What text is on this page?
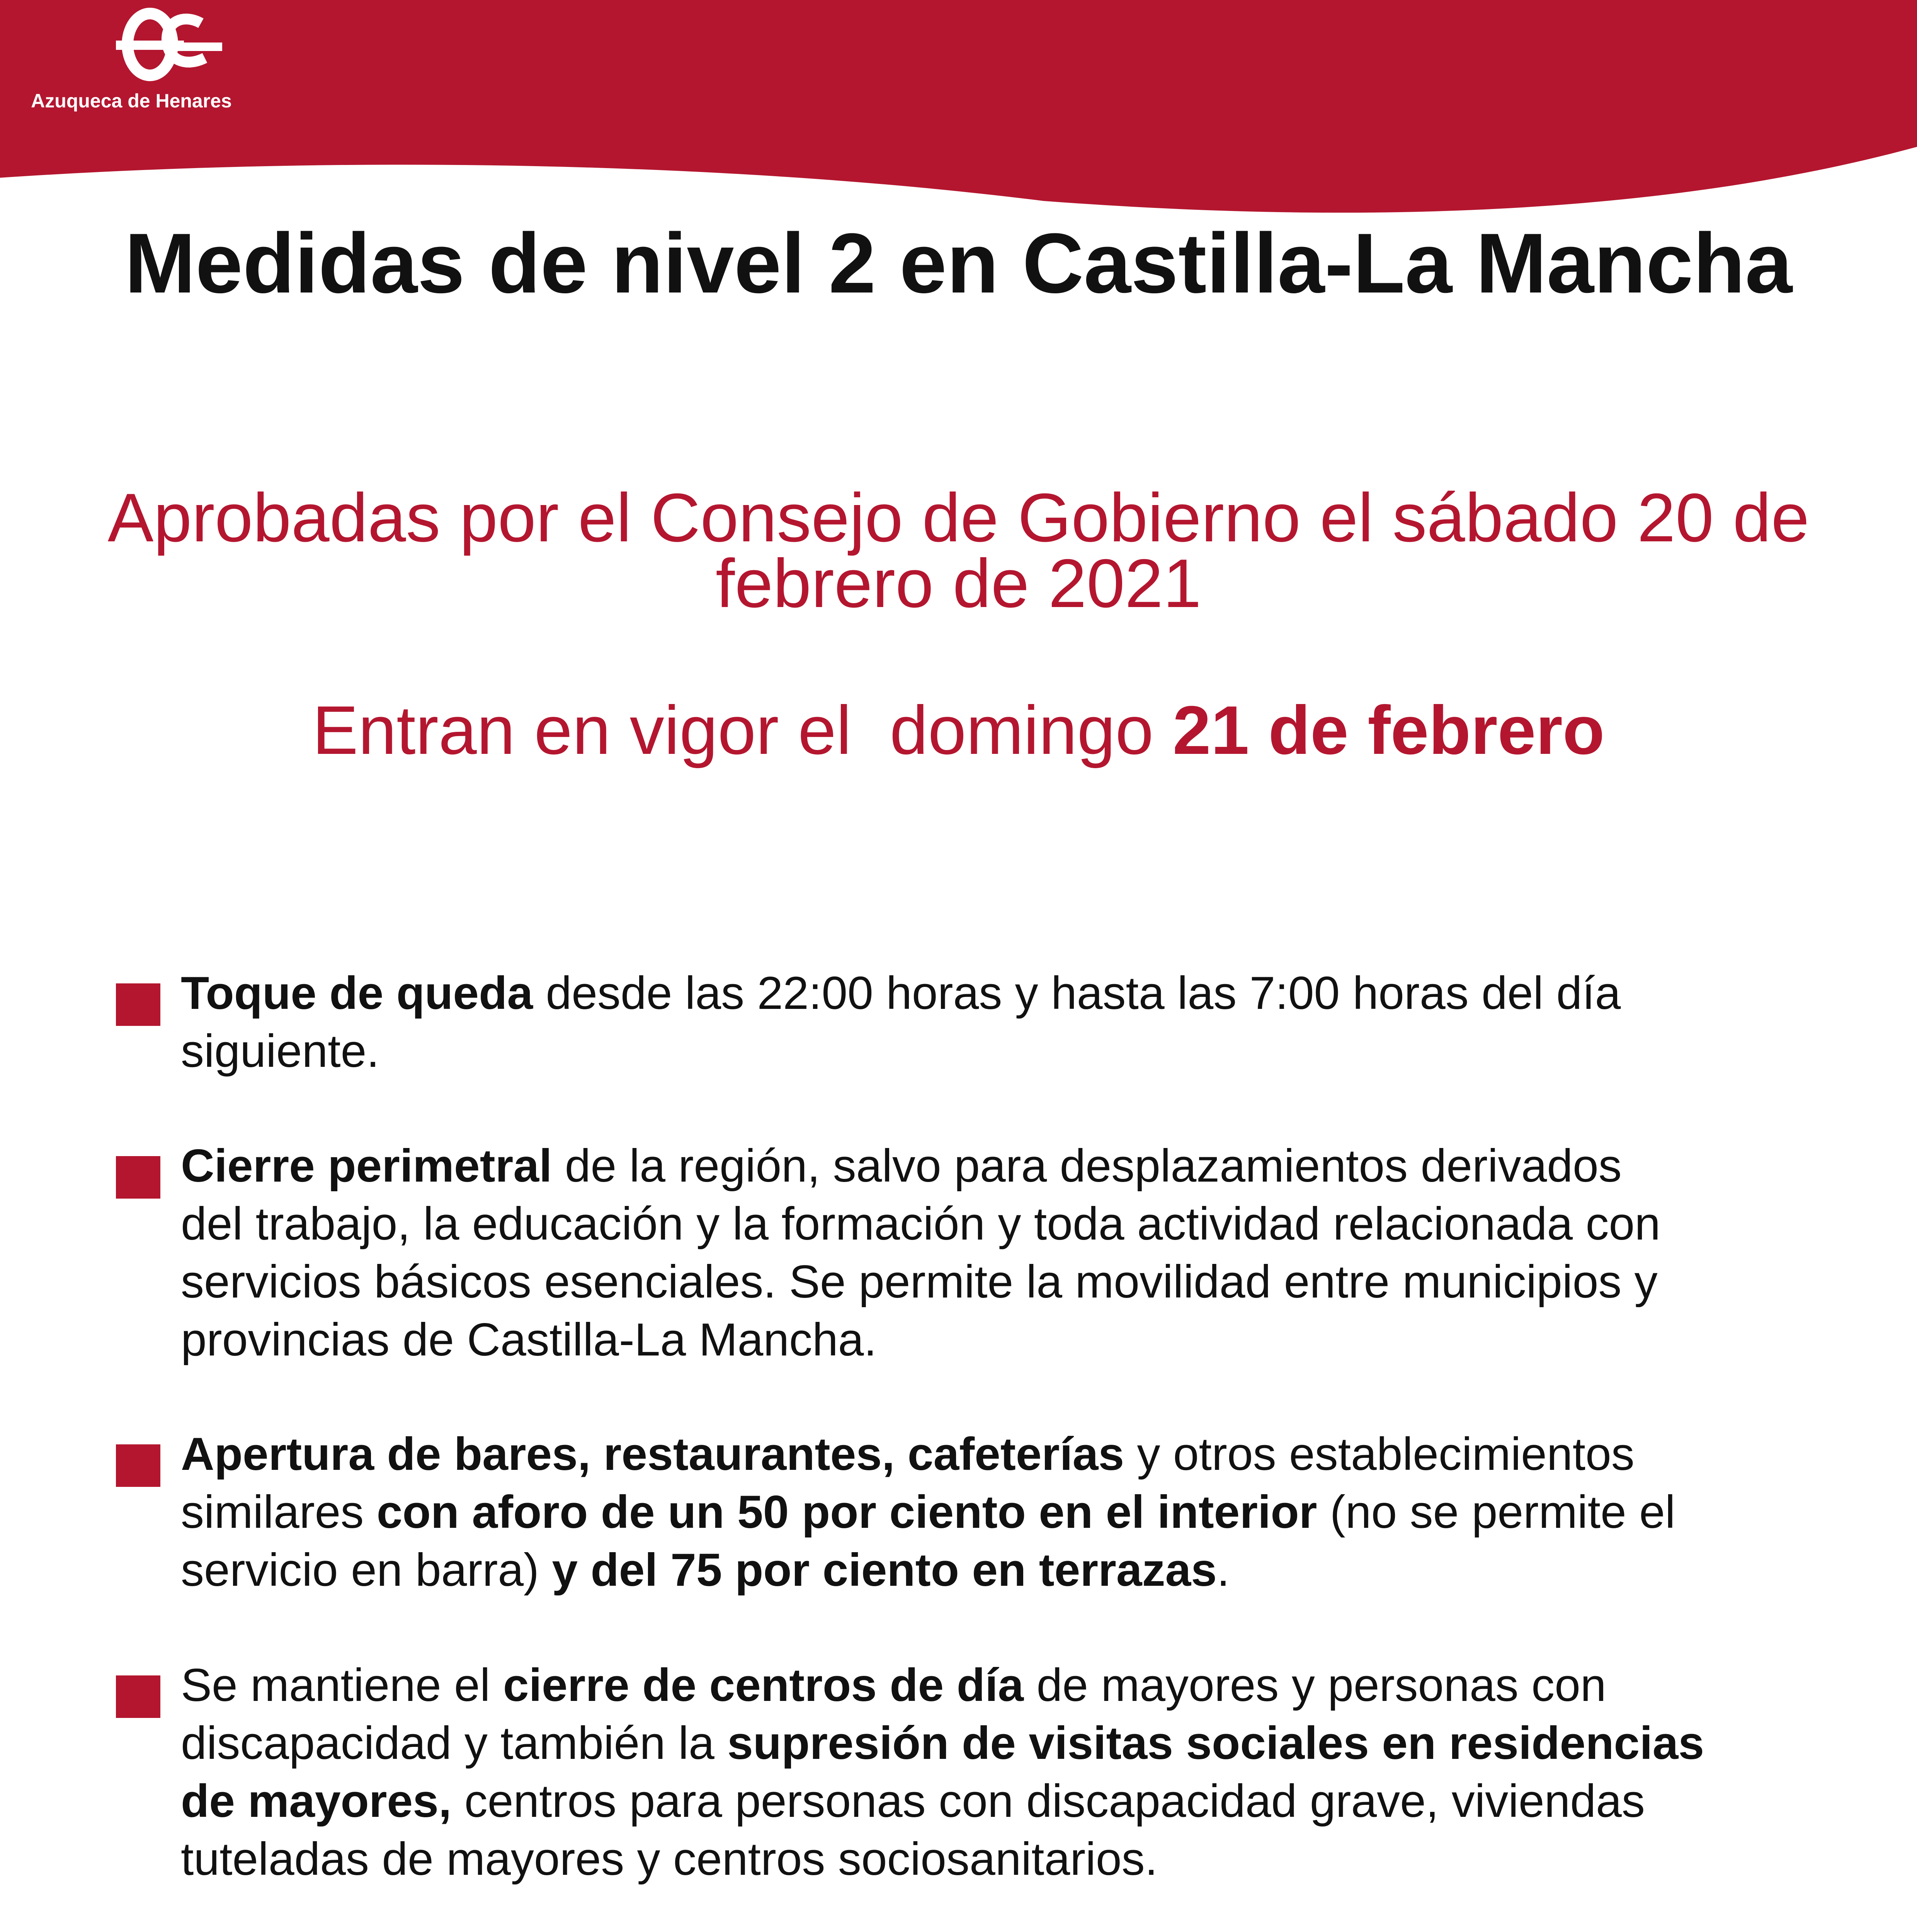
Azuqueca de Henares
Medidas de nivel 2 en Castilla-La Mancha
Aprobadas por el Consejo de Gobierno el sábado 20 de febrero de 2021
Entran en vigor el  domingo 21 de febrero
Toque de queda desde las 22:00 horas y hasta las 7:00 horas del día
siguiente.
Cierre perimetral de la región, salvo para desplazamientos derivados
del trabajo, la educación y la formación y toda actividad relacionada con
servicios básicos esenciales. Se permite la movilidad entre municipios y
provincias de Castilla-La Mancha.
Apertura de bares, restaurantes, cafeterías y otros establecimientos
similares con aforo de un 50 por ciento en el interior (no se permite el
servicio en barra) y del 75 por ciento en terrazas.
Se mantiene el cierre de centros de día de mayores y personas con
discapacidad y también la supresión de visitas sociales en residencias
de mayores, centros para personas con discapacidad grave, viviendas
tuteladas de mayores y centros sociosanitarios.
